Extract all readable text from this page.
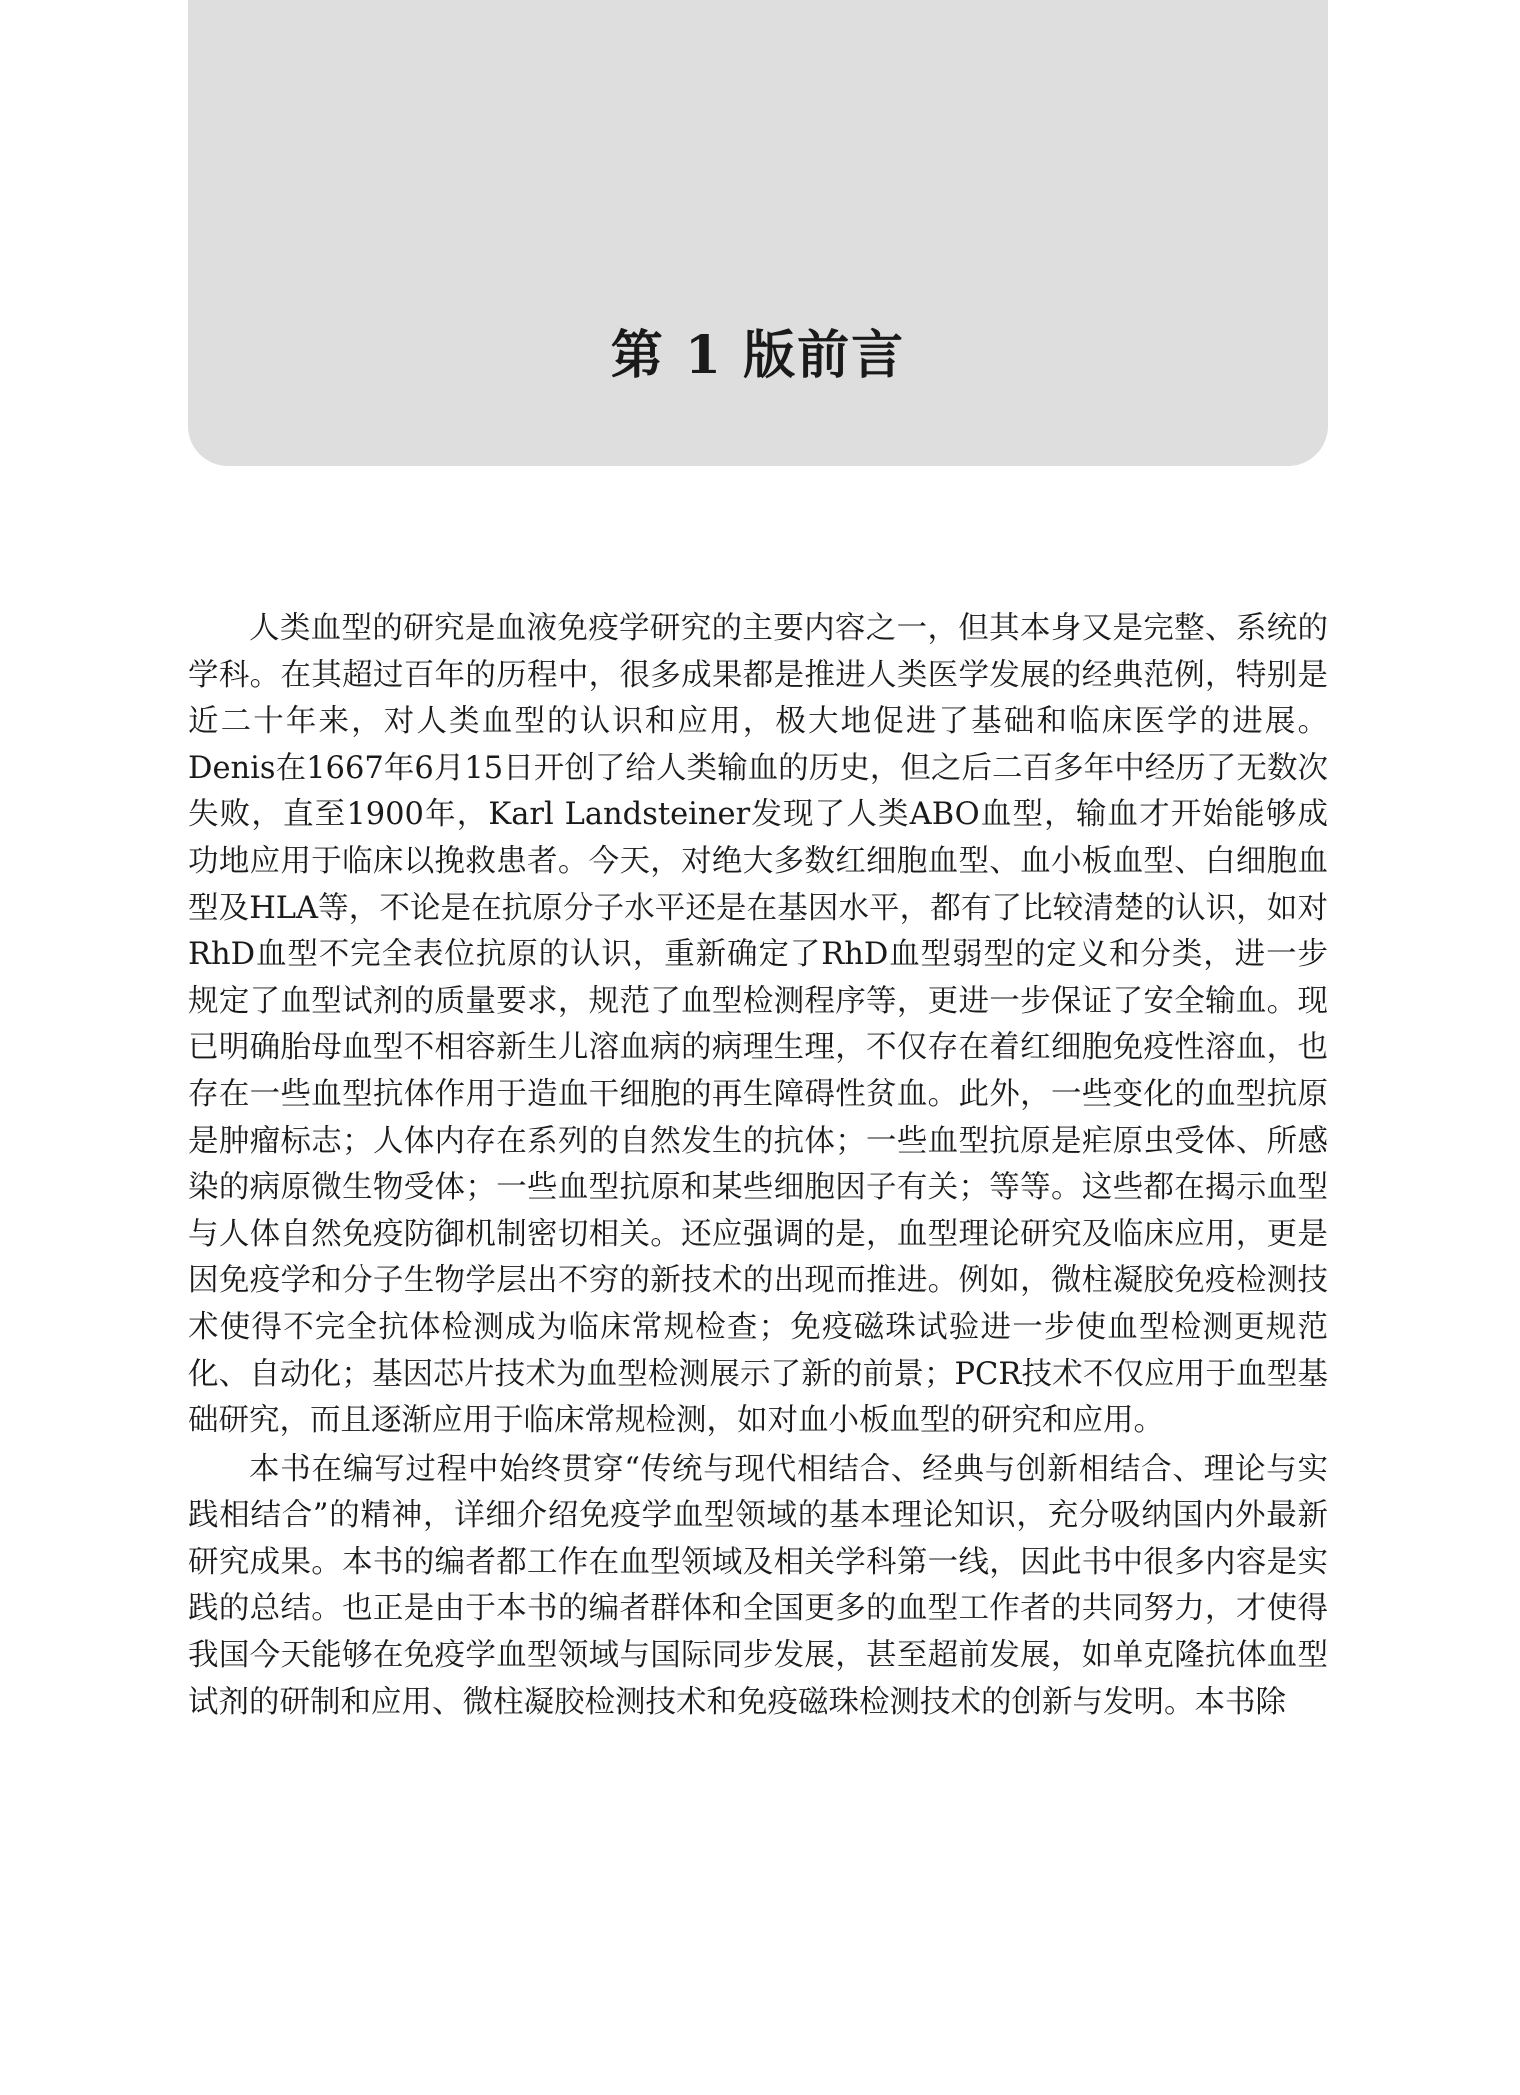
第 1 版前言

人类血型的研究是血液免疫学研究的主要内容之一，但其本身又是完整、系统的学科。在其超过百年的历程中，很多成果都是推进人类医学发展的经典范例，特别是近二十年来，对人类血型的认识和应用，极大地促进了基础和临床医学的进展。Denis在1667年6月15日开创了给人类输血的历史，但之后二百多年中经历了无数次失败，直至1900年，Karl Landsteiner发现了人类ABO血型，输血才开始能够成功地应用于临床以挽救患者。今天，对绝大多数红细胞血型、血小板血型、白细胞血型及HLA等，不论是在抗原分子水平还是在基因水平，都有了比较清楚的认识，如对RhD血型不完全表位抗原的认识，重新确定了RhD血型弱型的定义和分类，进一步规定了血型试剂的质量要求，规范了血型检测程序等，更进一步保证了安全输血。现已明确胎母血型不相容新生儿溶血病的病理生理，不仅存在着红细胞免疫性溶血，也存在一些血型抗体作用于造血干细胞的再生障碍性贫血。此外，一些变化的血型抗原是肿瘤标志；人体内存在系列的自然发生的抗体；一些血型抗原是疟原虫受体、所感染的病原微生物受体；一些血型抗原和某些细胞因子有关；等等。这些都在揭示血型与人体自然免疫防御机制密切相关。还应强调的是，血型理论研究及临床应用，更是因免疫学和分子生物学层出不穷的新技术的出现而推进。例如，微柱凝胶免疫检测技术使得不完全抗体检测成为临床常规检查；免疫磁珠试验进一步使血型检测更规范化、自动化；基因芯片技术为血型检测展示了新的前景；PCR技术不仅应用于血型基础研究，而且逐渐应用于临床常规检测，如对血小板血型的研究和应用。

本书在编写过程中始终贯穿“传统与现代相结合、经典与创新相结合、理论与实践相结合”的精神，详细介绍免疫学血型领域的基本理论知识，充分吸纳国内外最新研究成果。本书的编者都工作在血型领域及相关学科第一线，因此书中很多内容是实践的总结。也正是由于本书的编者群体和全国更多的血型工作者的共同努力，才使得我国今天能够在免疫学血型领域与国际同步发展，甚至超前发展，如单克隆抗体血型试剂的研制和应用、微柱凝胶检测技术和免疫磁珠检测技术的创新与发明。本书除
